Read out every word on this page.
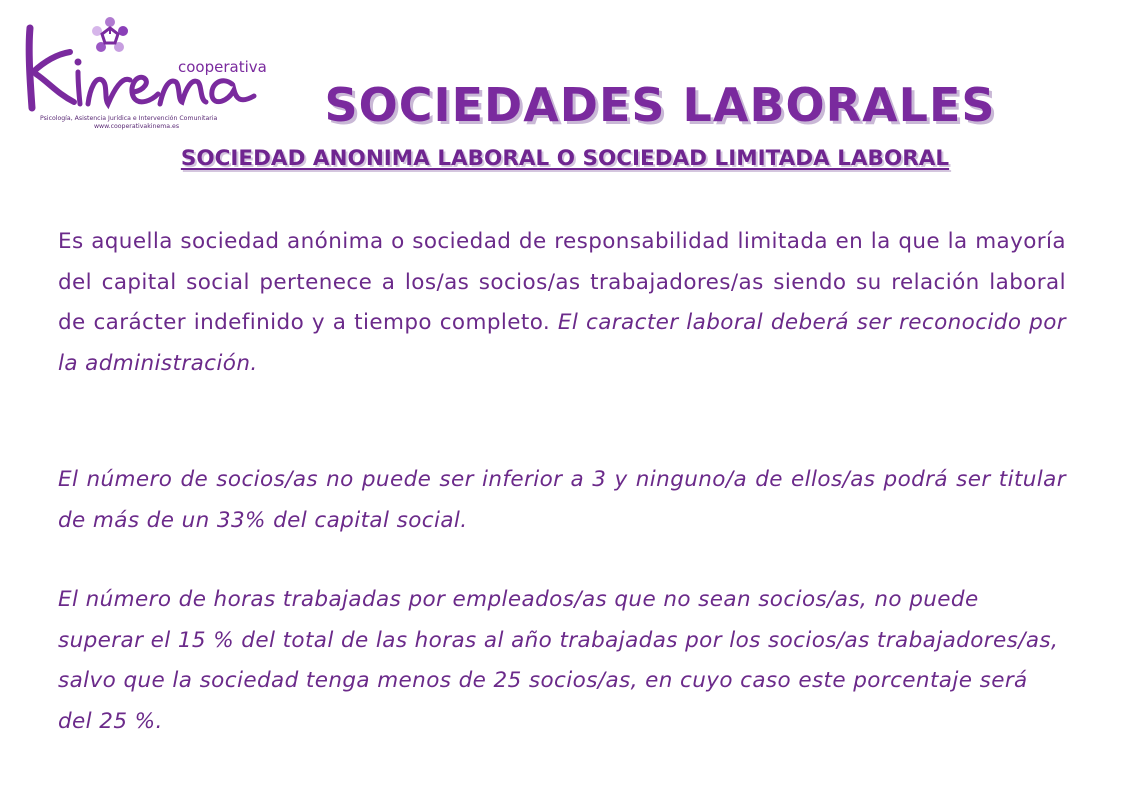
cooperativa
Psicología, Asistencia Jurídica e Intervención Comunitaria
www.cooperativakinema.es	SOCIEDADES LABORALES
SOCIEDAD ANONIMA LABORAL O SOCIEDAD LIMITADA LABORAL
Es aquella sociedad anónima o sociedad de responsabilidad limitada en la que la mayoría del capital social pertenece a los/as socios/as trabajadores/as siendo su relación laboral de carácter indefinido y a tiempo completo. El caracter laboral deberá ser reconocido por la administración.
El número de socios/as no puede ser inferior a 3 y ninguno/a de ellos/as podrá ser titular de más de un 33% del capital social.
El número de horas trabajadas por empleados/as que no sean socios/as, no puede superar el 15 % del total de las horas al año trabajadas por los socios/as trabajadores/as, salvo que la sociedad tenga menos de 25 socios/as, en cuyo caso este porcentaje será del 25 %.
